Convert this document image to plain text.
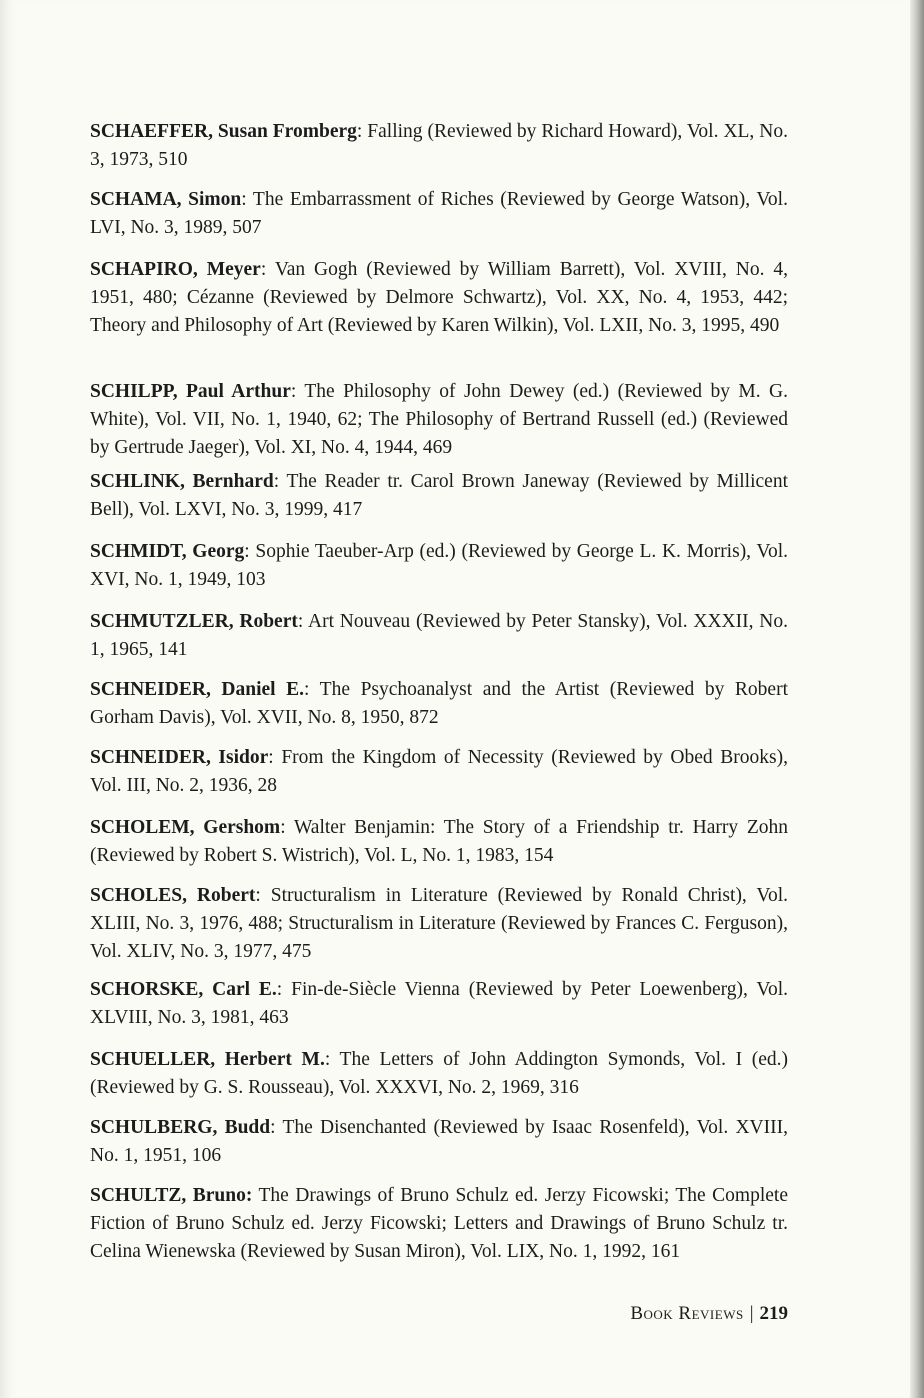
SCHAEFFER, Susan Fromberg: Falling (Reviewed by Richard Howard), Vol. XL, No. 3, 1973, 510

SCHAMA, Simon: The Embarrassment of Riches (Reviewed by George Watson), Vol. LVI, No. 3, 1989, 507

SCHAPIRO, Meyer: Van Gogh (Reviewed by William Barrett), Vol. XVIII, No. 4, 1951, 480; Cézanne (Reviewed by Delmore Schwartz), Vol. XX, No. 4, 1953, 442; Theory and Philosophy of Art (Reviewed by Karen Wilkin), Vol. LXII, No. 3, 1995, 490

SCHILPP, Paul Arthur: The Philosophy of John Dewey (ed.) (Reviewed by M. G. White), Vol. VII, No. 1, 1940, 62; The Philosophy of Bertrand Russell (ed.) (Reviewed by Gertrude Jaeger), Vol. XI, No. 4, 1944, 469

SCHLINK, Bernhard: The Reader tr. Carol Brown Janeway (Reviewed by Millicent Bell), Vol. LXVI, No. 3, 1999, 417

SCHMIDT, Georg: Sophie Taeuber-Arp (ed.) (Reviewed by George L. K. Morris), Vol. XVI, No. 1, 1949, 103

SCHMUTZLER, Robert: Art Nouveau (Reviewed by Peter Stansky), Vol. XXXII, No. 1, 1965, 141

SCHNEIDER, Daniel E.: The Psychoanalyst and the Artist (Reviewed by Robert Gorham Davis), Vol. XVII, No. 8, 1950, 872

SCHNEIDER, Isidor: From the Kingdom of Necessity (Reviewed by Obed Brooks), Vol. III, No. 2, 1936, 28

SCHOLEM, Gershom: Walter Benjamin: The Story of a Friendship tr. Harry Zohn (Reviewed by Robert S. Wistrich), Vol. L, No. 1, 1983, 154

SCHOLES, Robert: Structuralism in Literature (Reviewed by Ronald Christ), Vol. XLIII, No. 3, 1976, 488; Structuralism in Literature (Reviewed by Frances C. Ferguson), Vol. XLIV, No. 3, 1977, 475

SCHORSKE, Carl E.: Fin-de-Siècle Vienna (Reviewed by Peter Loewenberg), Vol. XLVIII, No. 3, 1981, 463

SCHUELLER, Herbert M.: The Letters of John Addington Symonds, Vol. I (ed.) (Reviewed by G. S. Rousseau), Vol. XXXVI, No. 2, 1969, 316

SCHULBERG, Budd: The Disenchanted (Reviewed by Isaac Rosenfeld), Vol. XVIII, No. 1, 1951, 106

SCHULTZ, Bruno: The Drawings of Bruno Schulz ed. Jerzy Ficowski; The Complete Fiction of Bruno Schulz ed. Jerzy Ficowski; Letters and Drawings of Bruno Schulz tr. Celina Wienewska (Reviewed by Susan Miron), Vol. LIX, No. 1, 1992, 161

Book Reviews | 219
